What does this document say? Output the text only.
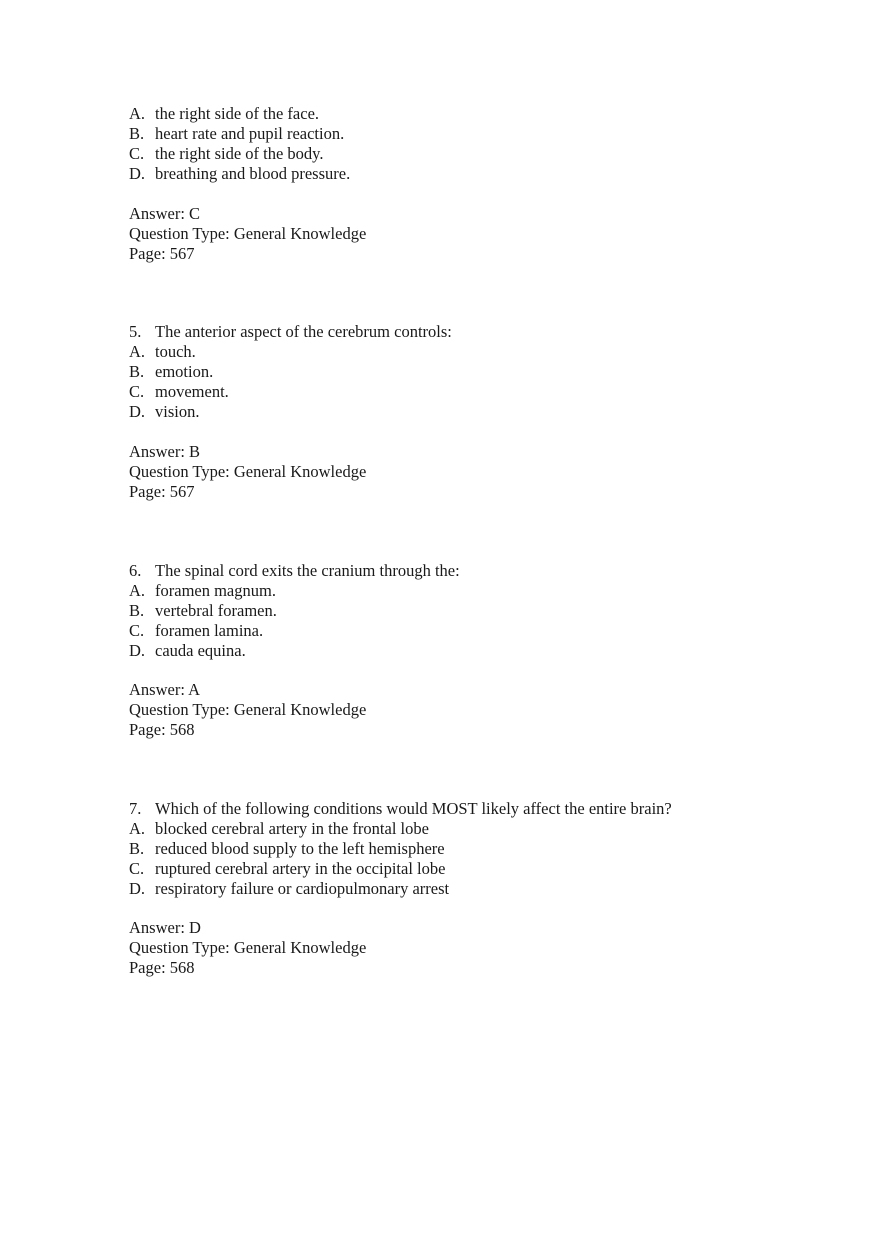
A. the right side of the face.
B. heart rate and pupil reaction.
C. the right side of the body.
D. breathing and blood pressure.
Answer: C
Question Type: General Knowledge
Page: 567
5. The anterior aspect of the cerebrum controls:
A. touch.
B. emotion.
C. movement.
D. vision.
Answer: B
Question Type: General Knowledge
Page: 567
6. The spinal cord exits the cranium through the:
A. foramen magnum.
B. vertebral foramen.
C. foramen lamina.
D. cauda equina.
Answer: A
Question Type: General Knowledge
Page: 568
7. Which of the following conditions would MOST likely affect the entire brain?
A. blocked cerebral artery in the frontal lobe
B. reduced blood supply to the left hemisphere
C. ruptured cerebral artery in the occipital lobe
D. respiratory failure or cardiopulmonary arrest
Answer: D
Question Type: General Knowledge
Page: 568
